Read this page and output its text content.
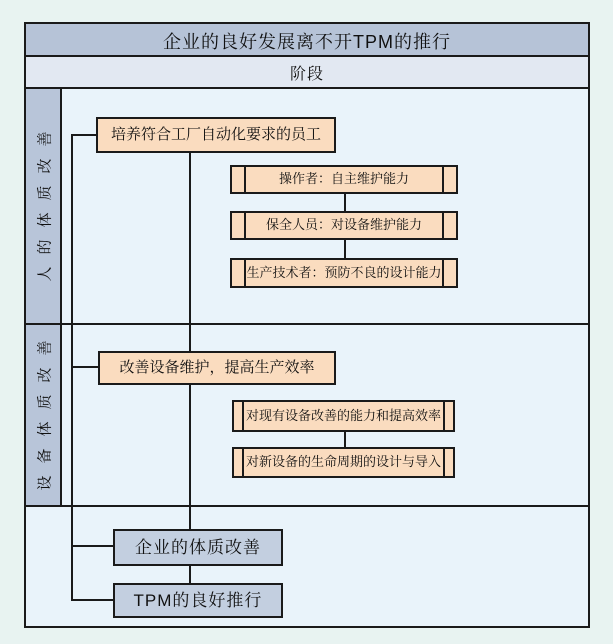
企业的良好发展离不开TPM的推行
阶段
人的体质改善
设备体质改善
培养符合工厂自动化要求的员工
操作者：自主维护能力
保全人员：对设备维护能力
生产技术者：预防不良的设计能力
改善设备维护，提高生产效率
对现有设备改善的能力和提高效率
对新设备的生命周期的设计与导入
企业的体质改善
TPM的良好推行
